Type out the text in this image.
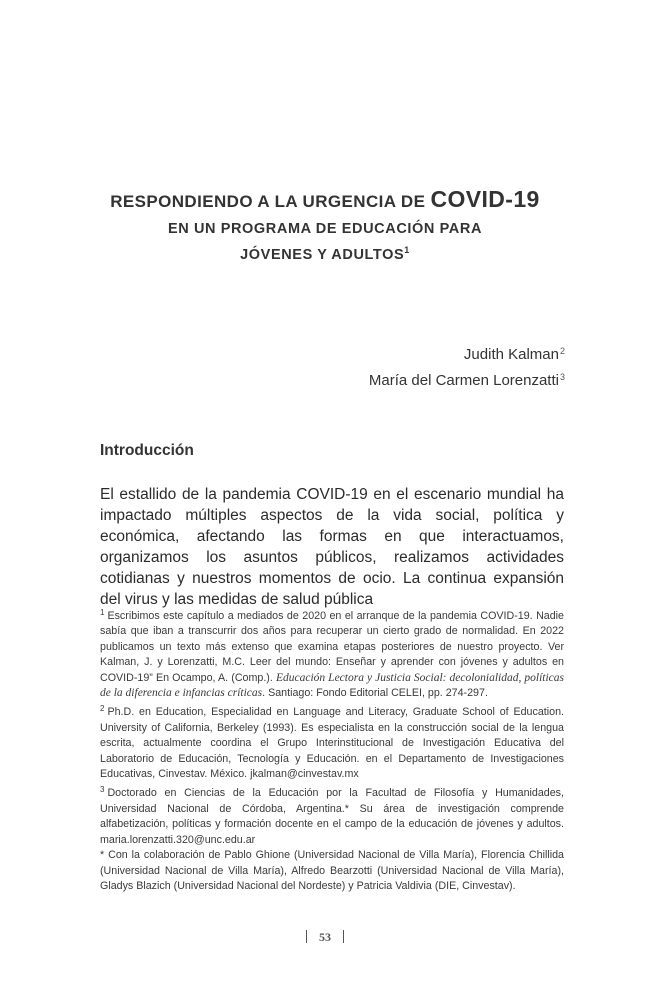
RESPONDIENDO A LA URGENCIA DE COVID-19
EN UN PROGRAMA DE EDUCACIÓN PARA
JÓVENES Y ADULTOS$^1$
Judith Kalman$^2$
María del Carmen Lorenzatti$^3$
Introducción

El estallido de la pandemia COVID-19 en el escenario mundial ha impactado múltiples aspectos de la vida social, política y económica, afectando las formas en que interactuamos, organizamos los asuntos públicos, realizamos actividades cotidianas y nuestros momentos de ocio. La continua expansión del virus y las medidas de salud pública

$^1$ Escribimos este capítulo a mediados de 2020 en el arranque de la pandemia COVID-19. Nadie sabía que iban a transcurrir dos años para recuperar un cierto grado de normalidad. En 2022 publicamos un texto más extenso que examina etapas posteriores de nuestro proyecto. Ver Kalman, J. y Lorenzatti, M.C. Leer del mundo: Enseñar y aprender con jóvenes y adultos en COVID-19” En Ocampo, A. (Comp.). Educación Lectora y Justicia Social: decolonialidad, políticas de la diferencia e infancias críticas. Santiago: Fondo Editorial CELEI, pp. 274-297.

$^2$ Ph.D. en Education, Especialidad en Language and Literacy, Graduate School of Education. University of California, Berkeley (1993). Es especialista en la construcción social de la lengua escrita, actualmente coordina el Grupo Interinstitucional de Investigación Educativa del Laboratorio de Educación, Tecnología y Educación. en el Departamento de Investigaciones Educativas, Cinvestav. México. jkalman@cinvestav.mx

$^3$ Doctorado en Ciencias de la Educación por la Facultad de Filosofía y Humanidades, Universidad Nacional de Córdoba, Argentina.* Su área de investigación comprende alfabetización, políticas y formación docente en el campo de la educación de jóvenes y adultos. maria.lorenzatti.320@unc.edu.ar

* Con la colaboración de Pablo Ghione (Universidad Nacional de Villa María), Florencia Chillida (Universidad Nacional de Villa María), Alfredo Bearzotti (Universidad Nacional de Villa María), Gladys Blazich (Universidad Nacional del Nordeste) y Patricia Valdivia (DIE, Cinvestav).

53
